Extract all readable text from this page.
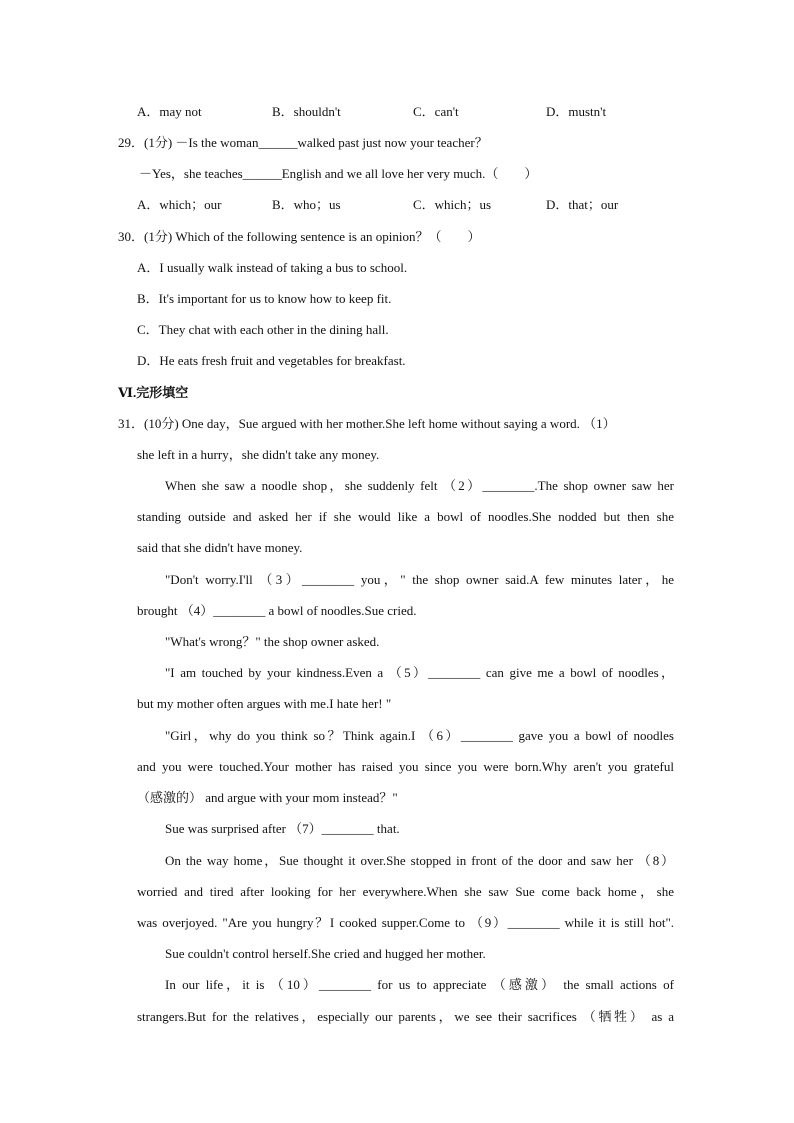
A．may not	B．shouldn't	C．can't	D．mustn't
29．(1分) －Is the woman______walked past just now your teacher？
－Yes，she teaches______English and we all love her very much.（　　）
A．which；our	B．who；us	C．which；us	D．that；our
30．(1分) Which of the following sentence is an opinion？（　　）
A．I usually walk instead of taking a bus to school.
B．It's important for us to know how to keep fit.
C．They chat with each other in the dining hall.
D．He eats fresh fruit and vegetables for breakfast.
Ⅵ.完形填空
31．(10分) One day，Sue argued with her mother.She left home without saying a word. （1）
she left in a hurry，she didn't take any money.
When she saw a noodle shop，she suddenly felt （2）________.The shop owner saw her
standing outside and asked her if she would like a bowl of noodles.She nodded but then she
said that she didn't have money.
"Don't worry.I'll （3）________ you，" the shop owner said.A few minutes later，he
brought （4）________ a bowl of noodles.Sue cried.
"What's wrong？" the shop owner asked.
"I am touched by your kindness.Even a （5）________ can give me a bowl of noodles，
but my mother often argues with me.I hate her! "
"Girl，why do you think so？Think again.I （6）________ gave you a bowl of noodles
and you were touched.Your mother has raised you since you were born.Why aren't you grateful
（感激的） and argue with your mom instead？"
Sue was surprised after （7）________ that.
On the way home，Sue thought it over.She stopped in front of the door and saw her （8）
worried and tired after looking for her everywhere.When she saw Sue come back home，she
was overjoyed. "Are you hungry？I cooked supper.Come to （9）________ while it is still hot".
Sue couldn't control herself.She cried and hugged her mother.
In our life，it is （10）________ for us to appreciate （感激） the small actions of
strangers.But for the relatives，especially our parents，we see their sacrifices （牺牲） as a
